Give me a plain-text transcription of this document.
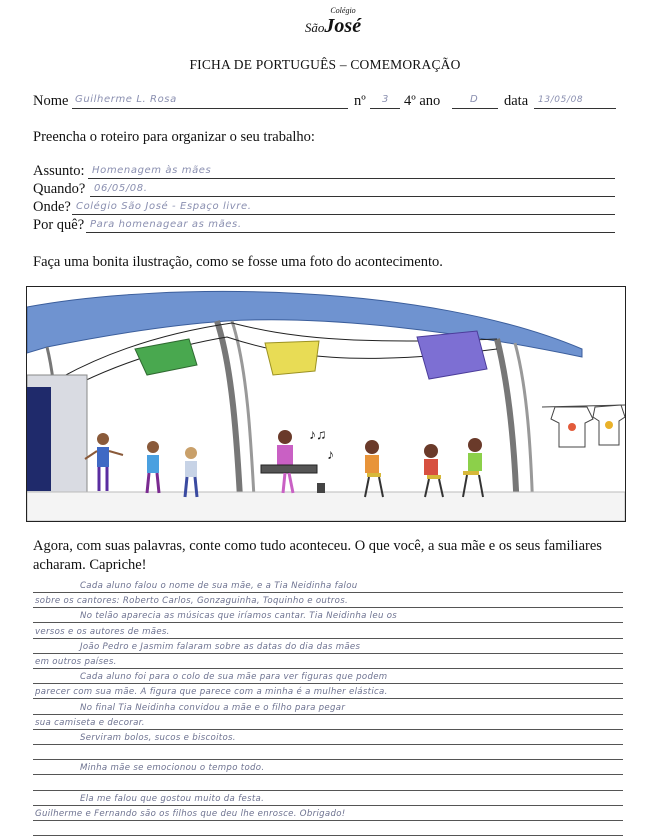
Colégio
SãoJosé
FICHA DE PORTUGUÊS – COMEMORAÇÃO
Nome Guilherme L. Rosa	nº 3 4º ano	D data 13/05/08
Preencha o roteiro para organizar o seu trabalho:
Assunto: Homenagem às mães
Quando? 06/05/08.
Onde? Colégio São José - Espaço livre.
Por quê? Para homenagear as mães.
Faça uma bonita ilustração, como se fosse uma foto do acontecimento.
♪♫
♪
Agora, com suas palavras, conte como tudo aconteceu. O que você, a sua mãe e os seus familiares acharam. Capriche!
Cada aluno falou o nome de sua mãe, e a Tia Neidinha falou
sobre os cantores: Roberto Carlos, Gonzaguinha, Toquinho e outros.
No telão aparecia as músicas que iríamos cantar. Tia Neidinha leu os
versos e os autores de mães.
João Pedro e Jasmim falaram sobre as datas do dia das mães
em outros países.
Cada aluno foi para o colo de sua mãe para ver figuras que podem
parecer com sua mãe. A figura que parece com a minha é a mulher elástica.
No final Tia Neidinha convidou a mãe e o filho para pegar
sua camiseta e decorar.
Serviram bolos, sucos e biscoitos.
Minha mãe se emocionou o tempo todo.
Ela me falou que gostou muito da festa.
Guilherme e Fernando são os filhos que deu lhe enrosce. Obrigado!
